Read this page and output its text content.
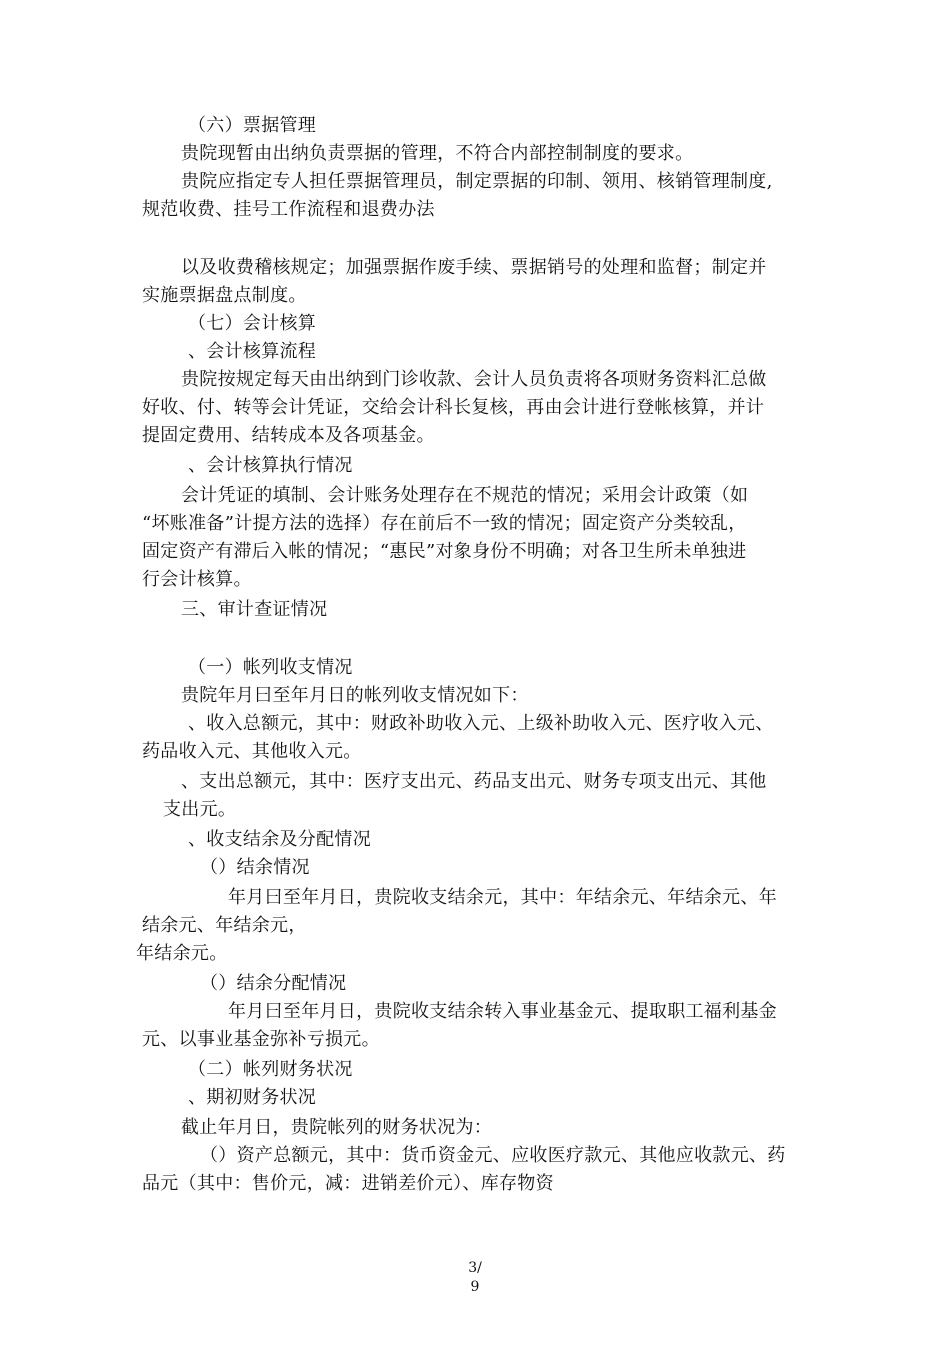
（六）票据管理

贵院现暂由出纳负责票据的管理，不符合内部控制制度的要求。

贵院应指定专人担任票据管理员，制定票据的印制、领用、核销管理制度,

规范收费、挂号工作流程和退费办法

以及收费稽核规定；加强票据作废手续、票据销号的处理和监督；制定并

实施票据盘点制度。

（七）会计核算

、会计核算流程

贵院按规定每天由出纳到门诊收款、会计人员负责将各项财务资料汇总做

好收、付、转等会计凭证，交给会计科长复核，再由会计进行登帐核算，并计

提固定费用、结转成本及各项基金。

、会计核算执行情况

会计凭证的填制、会计账务处理存在不规范的情况；采用会计政策（如

“坏账准备”计提方法的选择）存在前后不一致的情况；固定资产分类较乱，

固定资产有滞后入帐的情况；“惠民”对象身份不明确；对各卫生所未单独进

行会计核算。

三、审计查证情况

（一）帐列收支情况

贵院年月曰至年月日的帐列收支情况如下：

、收入总额元，其中：财政补助收入元、上级补助收入元、医疗收入元、

药品收入元、其他收入元。

、支出总额元，其中：医疗支出元、药品支出元、财务专项支出元、其他

支出元。

、收支结余及分配情况

（）结余情况

年月曰至年月日，贵院收支结余元，其中：年结余元、年结余元、年

结余元、年结余元，

年结余元。

（）结余分配情况

年月曰至年月日，贵院收支结余转入事业基金元、提取职工福利基金

元、以事业基金弥补亏损元。

（二）帐列财务状况

、期初财务状况

截止年月日，贵院帐列的财务状况为：

（）资产总额元，其中：货币资金元、应收医疗款元、其他应收款元、药

品元（其中：售价元，减：进销差价元）、库存物资

3/
9
